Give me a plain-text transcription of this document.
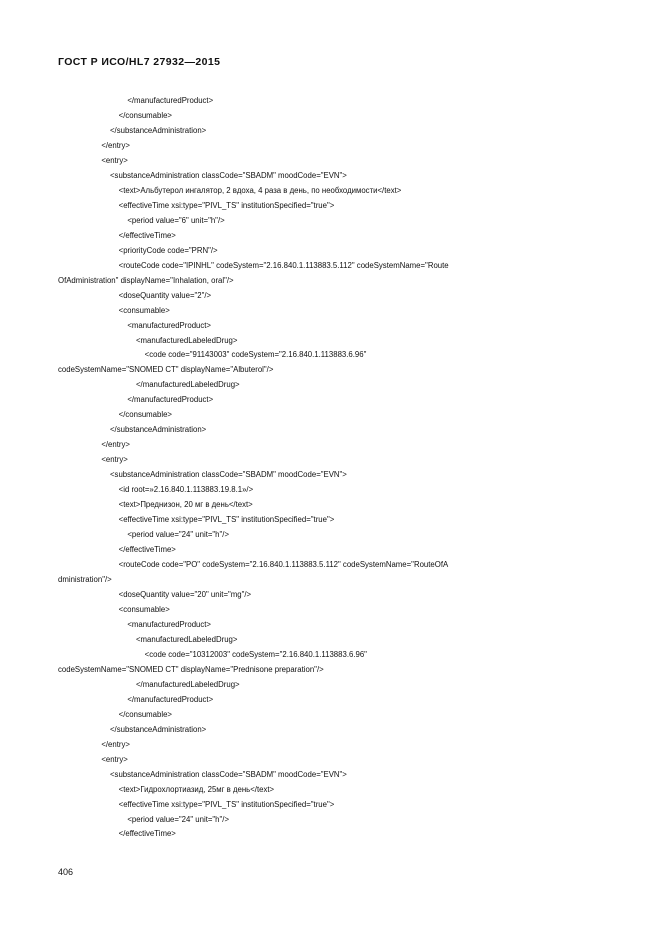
ГОСТ Р ИСО/HL7 27932—2015
</manufacturedProduct>
</consumable>
</substanceAdministration>
</entry>
<entry>
<substanceAdministration classCode="SBADM" moodCode="EVN">
<text>Альбутерол ингалятор, 2 вдоха, 4 раза в день, по необходимости</text>
<effectiveTime xsi:type="PIVL_TS" institutionSpecified="true">
<period value="6" unit="h"/>
</effectiveTime>
<priorityCode code="PRN"/>
<routeCode code="IPINHL" codeSystem="2.16.840.1.113883.5.112" codeSystemName="Route
OfAdministration" displayName="Inhalation, oral"/>
<doseQuantity value="2"/>
<consumable>
<manufacturedProduct>
<manufacturedLabeledDrug>
<code code="91143003" codeSystem="2.16.840.1.113883.6.96"
codeSystemName="SNOMED CT" displayName="Albuterol"/>
</manufacturedLabeledDrug>
</manufacturedProduct>
</consumable>
</substanceAdministration>
</entry>
<entry>
<substanceAdministration classCode="SBADM" moodCode="EVN">
<id root=»2.16.840.1.113883.19.8.1»/>
<text>Преднизон, 20 мг в день</text>
<effectiveTime xsi:type="PIVL_TS" institutionSpecified="true">
<period value="24" unit="h"/>
</effectiveTime>
<routeCode code="PO" codeSystem="2.16.840.1.113883.5.112" codeSystemName="RouteOfA
dministration"/>
<doseQuantity value="20" unit="mg"/>
<consumable>
<manufacturedProduct>
<manufacturedLabeledDrug>
<code code="10312003" codeSystem="2.16.840.1.113883.6.96"
codeSystemName="SNOMED CT" displayName="Prednisone preparation"/>
</manufacturedLabeledDrug>
</manufacturedProduct>
</consumable>
</substanceAdministration>
</entry>
<entry>
<substanceAdministration classCode="SBADM" moodCode="EVN">
<text>Гидрохлортиазид, 25мг в день</text>
<effectiveTime xsi:type="PIVL_TS" institutionSpecified="true">
<period value="24" unit="h"/>
</effectiveTime>
406
